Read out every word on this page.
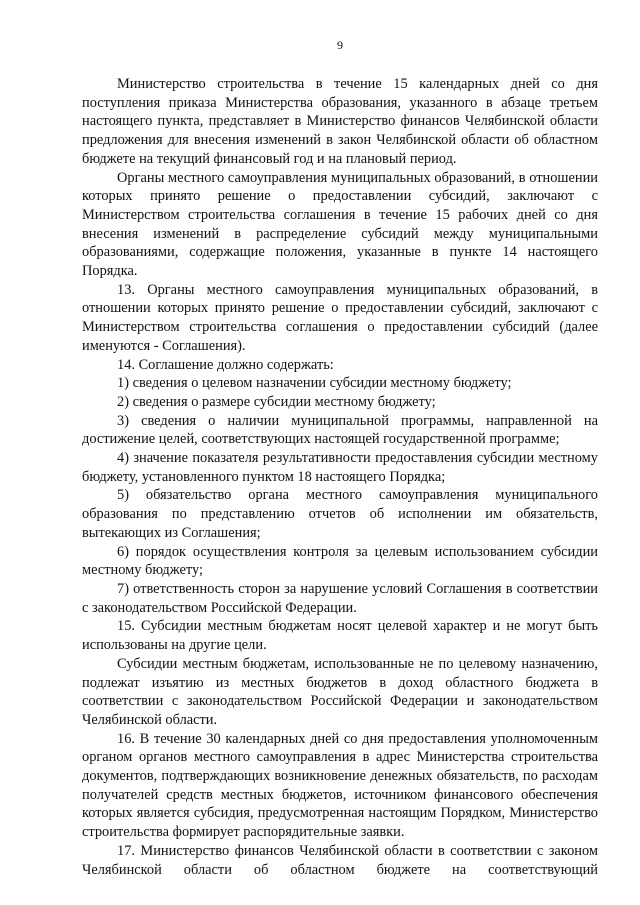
9

Министерство строительства в течение 15 календарных дней со дня поступления приказа Министерства образования, указанного в абзаце третьем настоящего пункта, представляет в Министерство финансов Челябинской области предложения для внесения изменений в закон Челябинской области об областном бюджете на текущий финансовый год и на плановый период.

Органы местного самоуправления муниципальных образований, в отношении которых принято решение о предоставлении субсидий, заключают с Министерством строительства соглашения в течение 15 рабочих дней со дня внесения изменений в распределение субсидий между муниципальными образованиями, содержащие положения, указанные в пункте 14 настоящего Порядка.

13. Органы местного самоуправления муниципальных образований, в отношении которых принято решение о предоставлении субсидий, заключают с Министерством строительства соглашения о предоставлении субсидий (далее именуются - Соглашения).

14. Соглашение должно содержать:

1) сведения о целевом назначении субсидии местному бюджету;

2) сведения о размере субсидии местному бюджету;

3) сведения о наличии муниципальной программы, направленной на достижение целей, соответствующих настоящей государственной программе;

4) значение показателя результативности предоставления субсидии местному бюджету, установленного пунктом 18 настоящего Порядка;

5) обязательство органа местного самоуправления муниципального образования по представлению отчетов об исполнении им обязательств, вытекающих из Соглашения;

6) порядок осуществления контроля за целевым использованием субсидии местному бюджету;

7) ответственность сторон за нарушение условий Соглашения в соответствии с законодательством Российской Федерации.

15. Субсидии местным бюджетам носят целевой характер и не могут быть использованы на другие цели.

Субсидии местным бюджетам, использованные не по целевому назначению, подлежат изъятию из местных бюджетов в доход областного бюджета в соответствии с законодательством Российской Федерации и законодательством Челябинской области.

16. В течение 30 календарных дней со дня предоставления уполномоченным органом органов местного самоуправления в адрес Министерства строительства документов, подтверждающих возникновение денежных обязательств, по расходам получателей средств местных бюджетов, источником финансового обеспечения которых является субсидия, предусмотренная настоящим Порядком, Министерство строительства формирует распорядительные заявки.

17. Министерство финансов Челябинской области в соответствии с законом Челябинской области об областном бюджете на соответствующий
